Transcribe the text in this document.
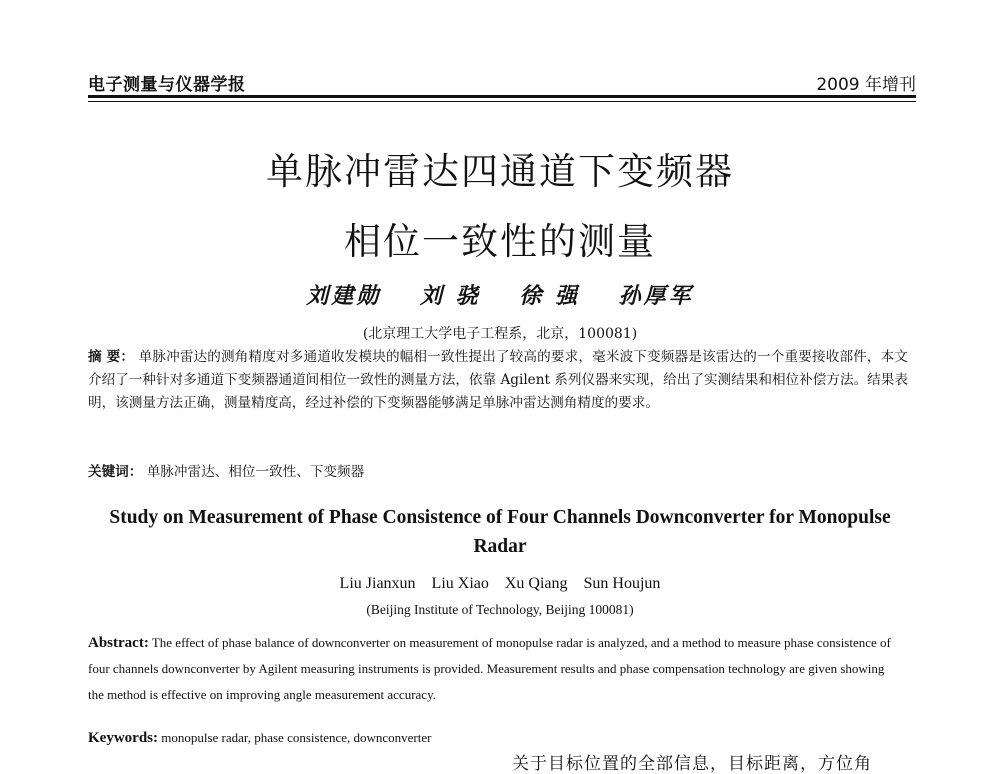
电子测量与仪器学报	2009 年增刊
单脉冲雷达四通道下变频器
相位一致性的测量
刘建勋 刘 骁 徐 强 孙厚军
(北京理工大学电子工程系，北京，100081)
摘 要： 单脉冲雷达的测角精度对多通道收发模块的幅相一致性提出了较高的要求，毫米波下变频器是该雷达的一个重要接收部件，本文介绍了一种针对多通道下变频器通道间相位一致性的测量方法，依靠 Agilent 系列仪器来实现，给出了实测结果和相位补偿方法。结果表明，该测量方法正确，测量精度高，经过补偿的下变频器能够满足单脉冲雷达测角精度的要求。
关键词： 单脉冲雷达、相位一致性、下变频器
Study on Measurement of Phase Consistence of Four Channels Downconverter for Monopulse Radar
Liu Jianxun Liu Xiao Xu Qiang Sun Houjun
(Beijing Institute of Technology, Beijing 100081)
Abstract: The effect of phase balance of downconverter on measurement of monopulse radar is analyzed, and a method to measure phase consistence of four channels downconverter by Agilent measuring instruments is provided. Measurement results and phase compensation technology are given showing the method is effective on improving angle measurement accuracy.
Keywords: monopulse radar, phase consistence, downconverter
关于目标位置的全部信息，目标距离，方位角
